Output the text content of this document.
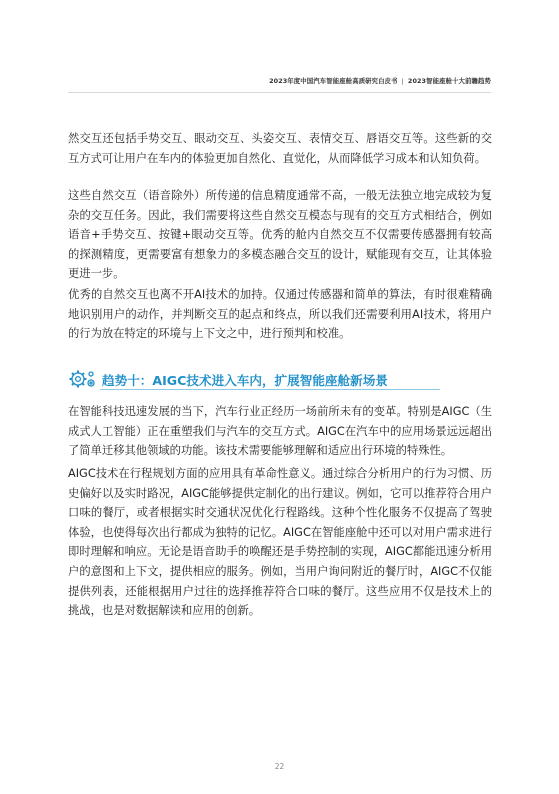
2023年度中国汽车智能座舱高质研究白皮书 | 2023智能座舱十大前瞻趋势

然交互还包括手势交互、眼动交互、头姿交互、表情交互、唇语交互等。这些新的交互方式可让用户在车内的体验更加自然化、直觉化，从而降低学习成本和认知负荷。

这些自然交互（语音除外）所传递的信息精度通常不高，一般无法独立地完成较为复杂的交互任务。因此，我们需要将这些自然交互模态与现有的交互方式相结合，例如语音+手势交互、按键+眼动交互等。优秀的舱内自然交互不仅需要传感器拥有较高的探测精度，更需要富有想象力的多模态融合交互的设计，赋能现有交互，让其体验更进一步。

优秀的自然交互也离不开AI技术的加持。仅通过传感器和简单的算法，有时很难精确地识别用户的动作，并判断交互的起点和终点，所以我们还需要利用AI技术，将用户的行为放在特定的环境与上下文之中，进行预判和校准。

趋势十：AIGC技术进入车内，扩展智能座舱新场景

在智能科技迅速发展的当下，汽车行业正经历一场前所未有的变革。特别是AIGC（生成式人工智能）正在重塑我们与汽车的交互方式。AIGC在汽车中的应用场景远远超出了简单迁移其他领域的功能。该技术需要能够理解和适应出行环境的特殊性。

AIGC技术在行程规划方面的应用具有革命性意义。通过综合分析用户的行为习惯、历史偏好以及实时路况，AIGC能够提供定制化的出行建议。例如，它可以推荐符合用户口味的餐厅，或者根据实时交通状况优化行程路线。这种个性化服务不仅提高了驾驶体验，也使得每次出行都成为独特的记忆。AIGC在智能座舱中还可以对用户需求进行即时理解和响应。无论是语音助手的唤醒还是手势控制的实现，AIGC都能迅速分析用户的意图和上下文，提供相应的服务。例如，当用户询问附近的餐厅时，AIGC不仅能提供列表，还能根据用户过往的选择推荐符合口味的餐厅。这些应用不仅是技术上的挑战，也是对数据解读和应用的创新。

22
